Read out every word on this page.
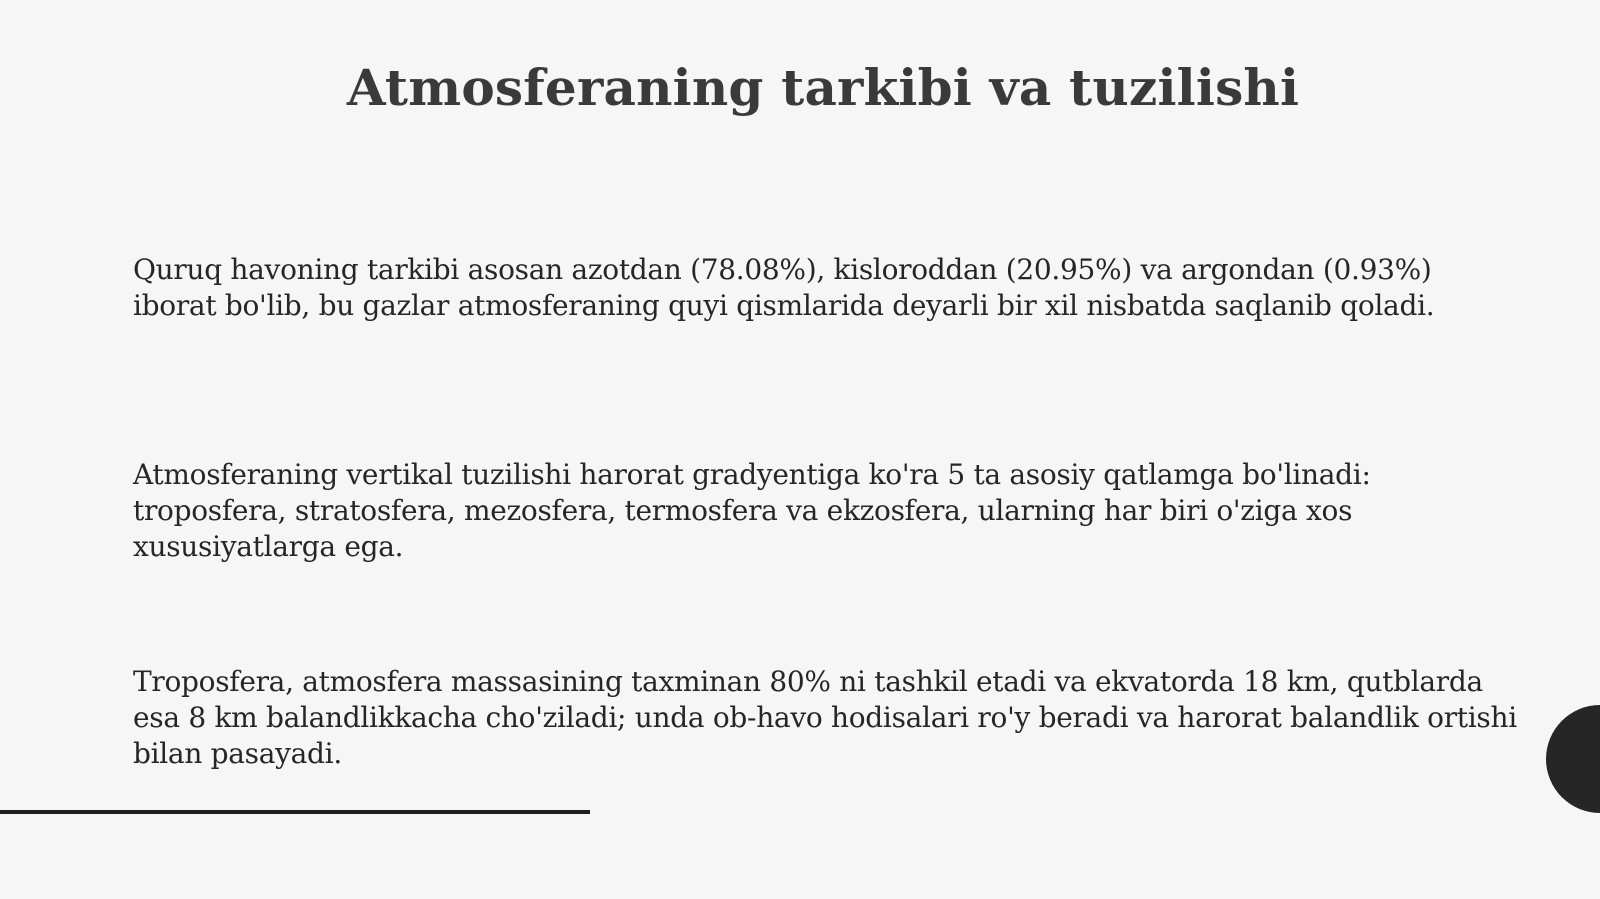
Atmosferaning tarkibi va tuzilishi

Quruq havoning tarkibi asosan azotdan (78.08%), kisloroddan (20.95%) va argondan (0.93%) iborat bo'lib, bu gazlar atmosferaning quyi qismlarida deyarli bir xil nisbatda saqlanib qoladi.

Atmosferaning vertikal tuzilishi harorat gradyentiga ko'ra 5 ta asosiy qatlamga bo'linadi: troposfera, stratosfera, mezosfera, termosfera va ekzosfera, ularning har biri o'ziga xos xususiyatlarga ega.

Troposfera, atmosfera massasining taxminan 80% ni tashkil etadi va ekvatorda 18 km, qutblarda esa 8 km balandlikkacha cho'ziladi; unda ob-havo hodisalari ro'y beradi va harorat balandlik ortishi bilan pasayadi.
